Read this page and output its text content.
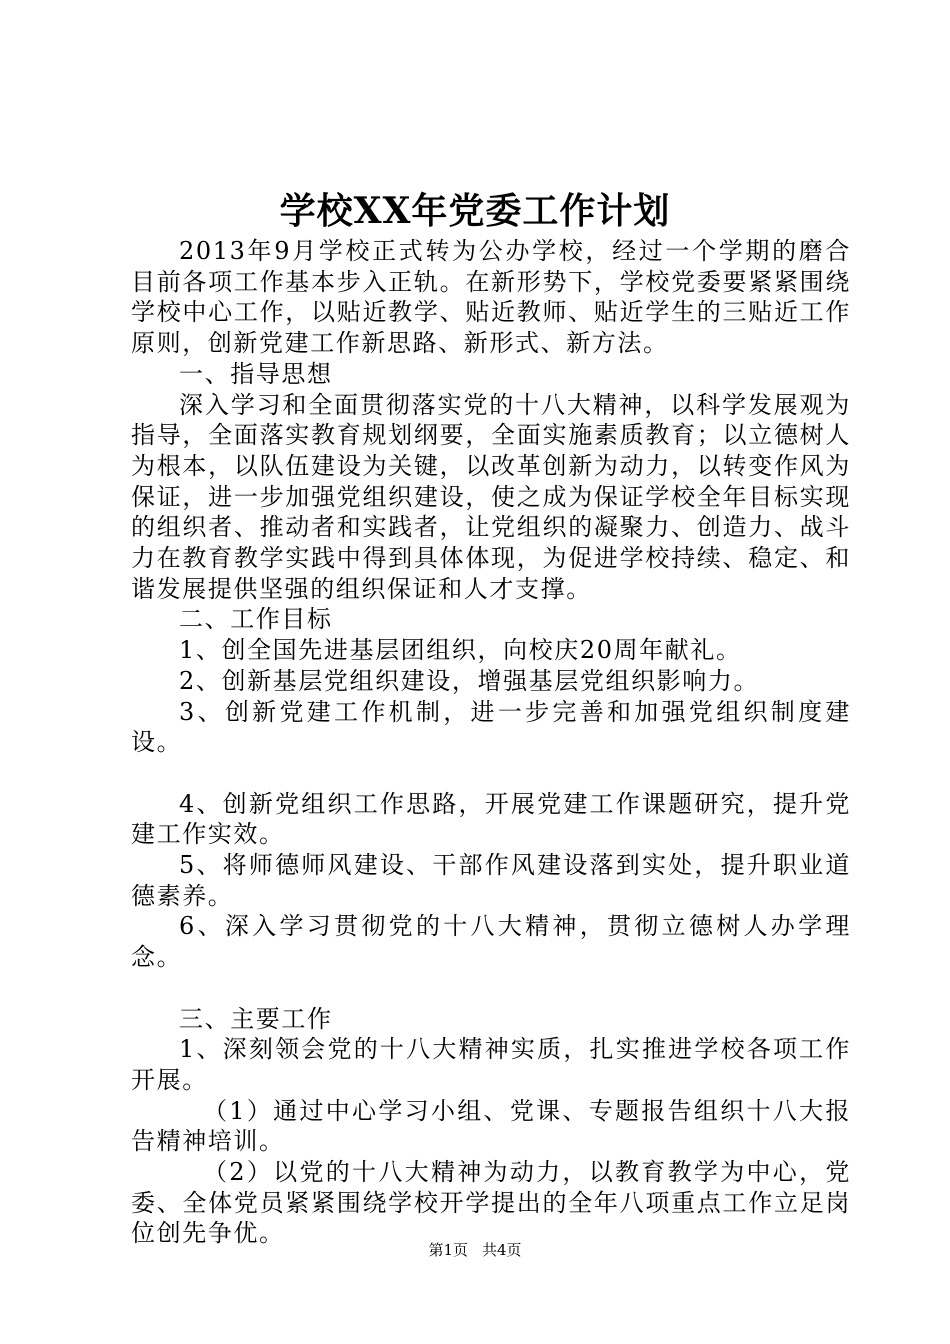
学校XX年党委工作计划

2013年9月学校正式转为公办学校，经过一个学期的磨合目前各项工作基本步入正轨。在新形势下，学校党委要紧紧围绕学校中心工作，以贴近教学、贴近教师、贴近学生的三贴近工作原则，创新党建工作新思路、新形式、新方法。

一、指导思想

深入学习和全面贯彻落实党的十八大精神，以科学发展观为指导，全面落实教育规划纲要，全面实施素质教育；以立德树人为根本，以队伍建设为关键，以改革创新为动力，以转变作风为保证，进一步加强党组织建设，使之成为保证学校全年目标实现的组织者、推动者和实践者，让党组织的凝聚力、创造力、战斗力在教育教学实践中得到具体体现，为促进学校持续、稳定、和谐发展提供坚强的组织保证和人才支撑。

二、工作目标

1、创全国先进基层团组织，向校庆20周年献礼。

2、创新基层党组织建设，增强基层党组织影响力。

3、创新党建工作机制，进一步完善和加强党组织制度建设。

4、创新党组织工作思路，开展党建工作课题研究，提升党建工作实效。

5、将师德师风建设、干部作风建设落到实处，提升职业道德素养。

6、深入学习贯彻党的十八大精神，贯彻立德树人办学理念。

三、主要工作

1、深刻领会党的十八大精神实质，扎实推进学校各项工作开展。

（1）通过中心学习小组、党课、专题报告组织十八大报告精神培训。

（2）以党的十八大精神为动力，以教育教学为中心，党委、全体党员紧紧围绕学校开学提出的全年八项重点工作立足岗位创先争优。

第1页 共4页
